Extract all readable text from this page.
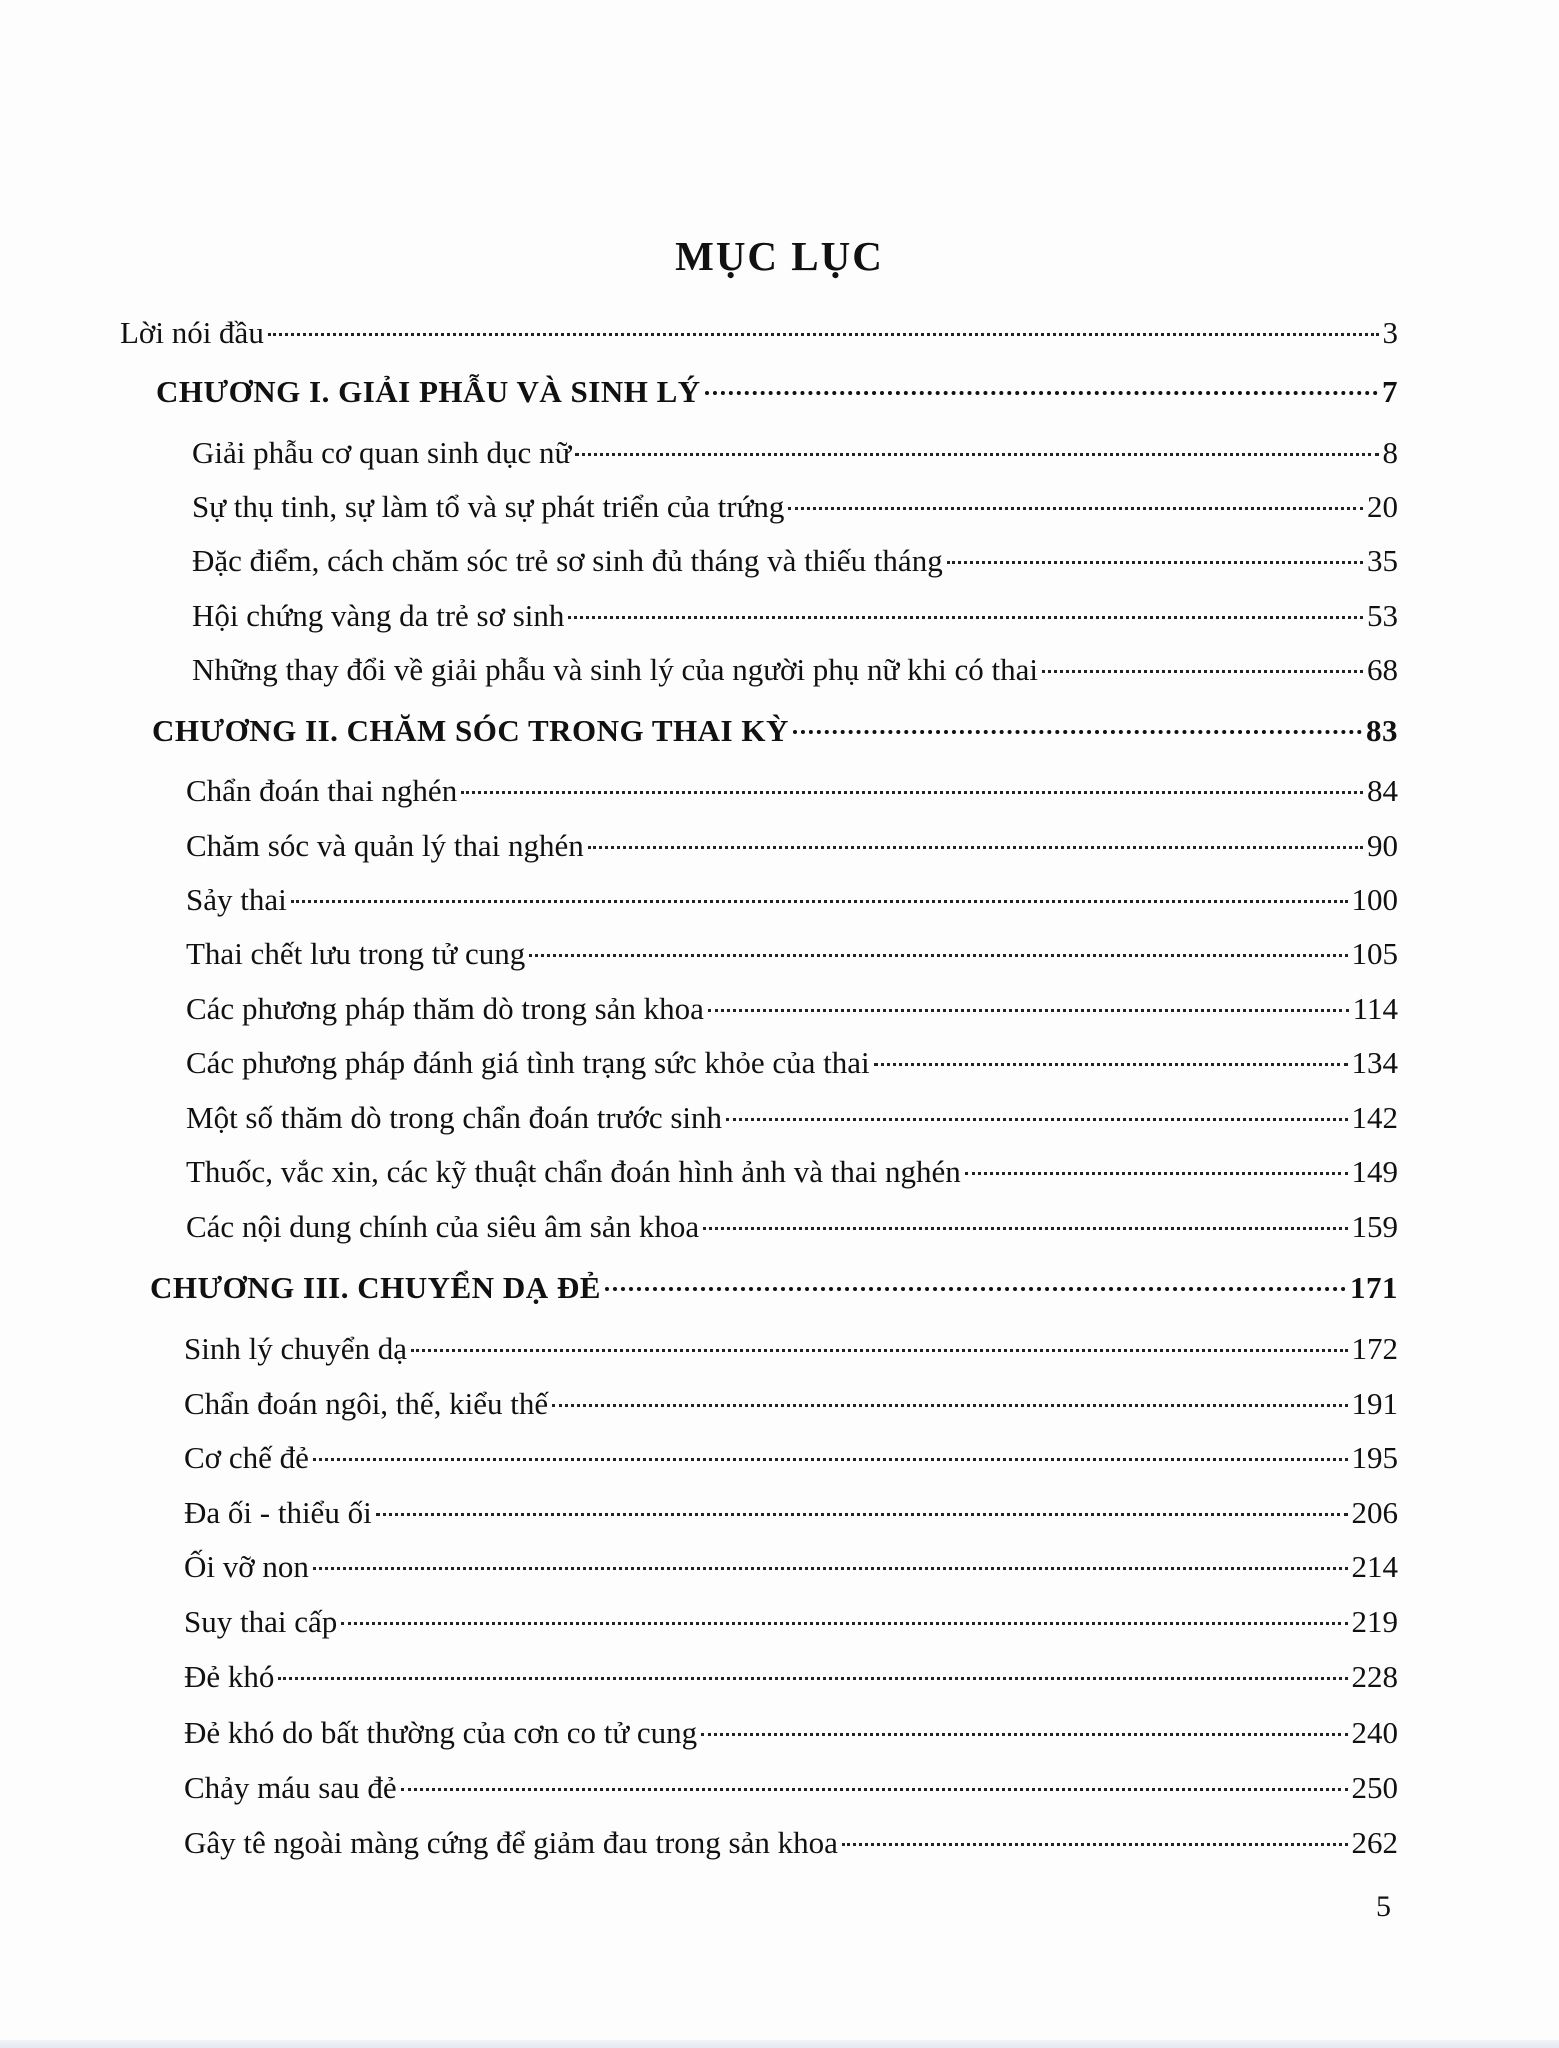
MỤC LỤC
Lời nói đầu	3
CHƯƠNG I. GIẢI PHẪU VÀ SINH LÝ	7
Giải phẫu cơ quan sinh dục nữ	8
Sự thụ tinh, sự làm tổ và sự phát triển của trứng	20
Đặc điểm, cách chăm sóc trẻ sơ sinh đủ tháng và thiếu tháng	35
Hội chứng vàng da trẻ sơ sinh	53
Những thay đổi về giải phẫu và sinh lý của người phụ nữ khi có thai	68
CHƯƠNG II. CHĂM SÓC TRONG THAI KỲ	83
Chẩn đoán thai nghén	84
Chăm sóc và quản lý thai nghén	90
Sảy thai	100
Thai chết lưu trong tử cung	105
Các phương pháp thăm dò trong sản khoa	114
Các phương pháp đánh giá tình trạng sức khỏe của thai	134
Một số thăm dò trong chẩn đoán trước sinh	142
Thuốc, vắc xin, các kỹ thuật chẩn đoán hình ảnh và thai nghén	149
Các nội dung chính của siêu âm sản khoa	159
CHƯƠNG III. CHUYỂN DẠ ĐẺ	171
Sinh lý chuyển dạ	172
Chẩn đoán ngôi, thế, kiểu thế	191
Cơ chế đẻ	195
Đa ối - thiểu ối	206
Ối vỡ non	214
Suy thai cấp	219
Đẻ khó	228
Đẻ khó do bất thường của cơn co tử cung	240
Chảy máu sau đẻ	250
Gây tê ngoài màng cứng để giảm đau trong sản khoa	262
5
